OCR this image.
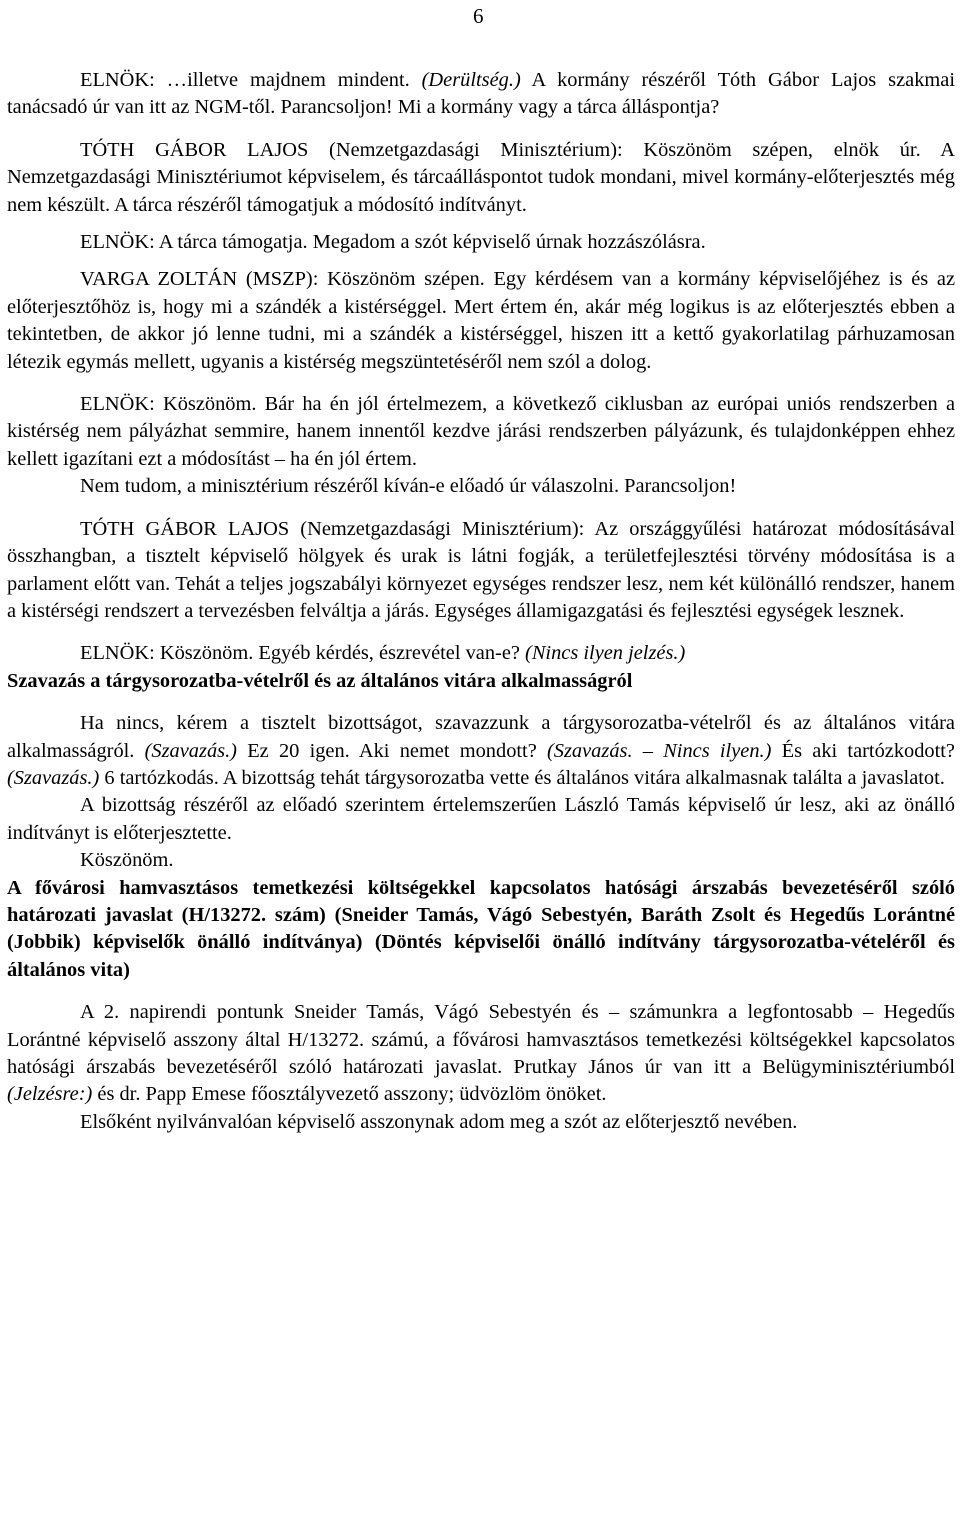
6

ELNÖK: …illetve majdnem mindent. (Derültség.) A kormány részéről Tóth Gábor Lajos szakmai tanácsadó úr van itt az NGM-től. Parancsoljon! Mi a kormány vagy a tárca álláspontja?

TÓTH GÁBOR LAJOS (Nemzetgazdasági Minisztérium): Köszönöm szépen, elnök úr. A Nemzetgazdasági Minisztériumot képviselem, és tárcaálláspontot tudok mondani, mivel kormány-előterjesztés még nem készült. A tárca részéről támogatjuk a módosító indítványt.

ELNÖK: A tárca támogatja. Megadom a szót képviselő úrnak hozzászólásra.

VARGA ZOLTÁN (MSZP): Köszönöm szépen. Egy kérdésem van a kormány képviselőjéhez is és az előterjesztőhöz is, hogy mi a szándék a kistérséggel. Mert értem én, akár még logikus is az előterjesztés ebben a tekintetben, de akkor jó lenne tudni, mi a szándék a kistérséggel, hiszen itt a kettő gyakorlatilag párhuzamosan létezik egymás mellett, ugyanis a kistérség megszüntetéséről nem szól a dolog.

ELNÖK: Köszönöm. Bár ha én jól értelmezem, a következő ciklusban az európai uniós rendszerben a kistérség nem pályázhat semmire, hanem innentől kezdve járási rendszerben pályázunk, és tulajdonképpen ehhez kellett igazítani ezt a módosítást – ha én jól értem.

Nem tudom, a minisztérium részéről kíván-e előadó úr válaszolni. Parancsoljon!

TÓTH GÁBOR LAJOS (Nemzetgazdasági Minisztérium): Az országgyűlési határozat módosításával összhangban, a tisztelt képviselő hölgyek és urak is látni fogják, a területfejlesztési törvény módosítása is a parlament előtt van. Tehát a teljes jogszabályi környezet egységes rendszer lesz, nem két különálló rendszer, hanem a kistérségi rendszert a tervezésben felváltja a járás. Egységes államigazgatási és fejlesztési egységek lesznek.

ELNÖK: Köszönöm. Egyéb kérdés, észrevétel van-e? (Nincs ilyen jelzés.)

Szavazás a tárgysorozatba-vételről és az általános vitára alkalmasságról

Ha nincs, kérem a tisztelt bizottságot, szavazzunk a tárgysorozatba-vételről és az általános vitára alkalmasságról. (Szavazás.) Ez 20 igen. Aki nemet mondott? (Szavazás. – Nincs ilyen.) És aki tartózkodott? (Szavazás.) 6 tartózkodás. A bizottság tehát tárgysorozatba vette és általános vitára alkalmasnak találta a javaslatot.

A bizottság részéről az előadó szerintem értelemszerűen László Tamás képviselő úr lesz, aki az önálló indítványt is előterjesztette.

Köszönöm.

A fővárosi hamvasztásos temetkezési költségekkel kapcsolatos hatósági árszabás bevezetéséről szóló határozati javaslat (H/13272. szám) (Sneider Tamás, Vágó Sebestyén, Baráth Zsolt és Hegedűs Lorántné (Jobbik) képviselők önálló indítványa) (Döntés képviselői önálló indítvány tárgysorozatba-vételéről és általános vita)

A 2. napirendi pontunk Sneider Tamás, Vágó Sebestyén és – számunkra a legfontosabb – Hegedűs Lorántné képviselő asszony által H/13272. számú, a fővárosi hamvasztásos temetkezési költségekkel kapcsolatos hatósági árszabás bevezetéséről szóló határozati javaslat. Prutkay János úr van itt a Belügyminisztériumból (Jelzésre:) és dr. Papp Emese főosztályvezető asszony; üdvözlöm önöket.

Elsőként nyilvánvalóan képviselő asszonynak adom meg a szót az előterjesztő nevében.
